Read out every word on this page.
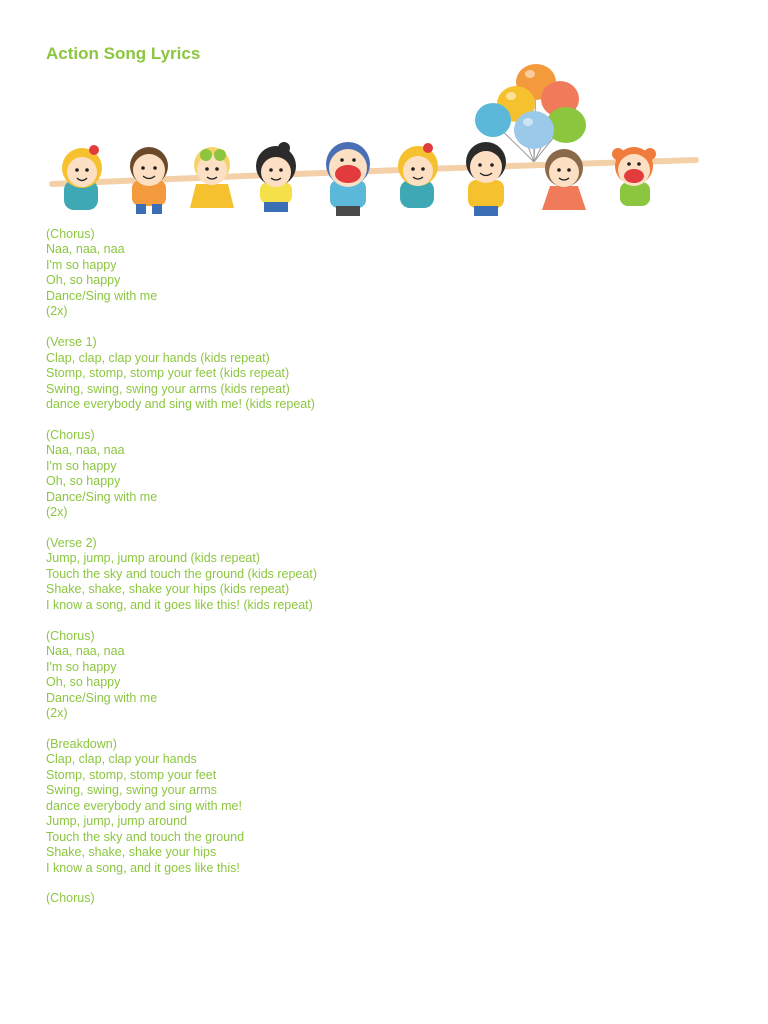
Action Song Lyrics
(Chorus)
Naa, naa, naa
I'm so happy
Oh, so happy
Dance/Sing with me
(2x)
(Verse 1)
Clap, clap, clap your hands (kids repeat)
Stomp, stomp, stomp your feet (kids repeat)
Swing, swing, swing your arms (kids repeat)
dance everybody and sing with me! (kids repeat)
(Chorus)
Naa, naa, naa
I'm so happy
Oh, so happy
Dance/Sing with me
(2x)
(Verse 2)
Jump, jump, jump around (kids repeat)
Touch the sky and touch the ground (kids repeat)
Shake, shake, shake your hips (kids repeat)
I know a song, and it goes like this! (kids repeat)
(Chorus)
Naa, naa, naa
I'm so happy
Oh, so happy
Dance/Sing with me
(2x)
(Breakdown)
Clap, clap, clap your hands
Stomp, stomp, stomp your feet
Swing, swing, swing your arms
dance everybody and sing with me!
Jump, jump, jump around
Touch the sky and touch the ground
Shake, shake, shake your hips
I know a song, and it goes like this!
(Chorus)
